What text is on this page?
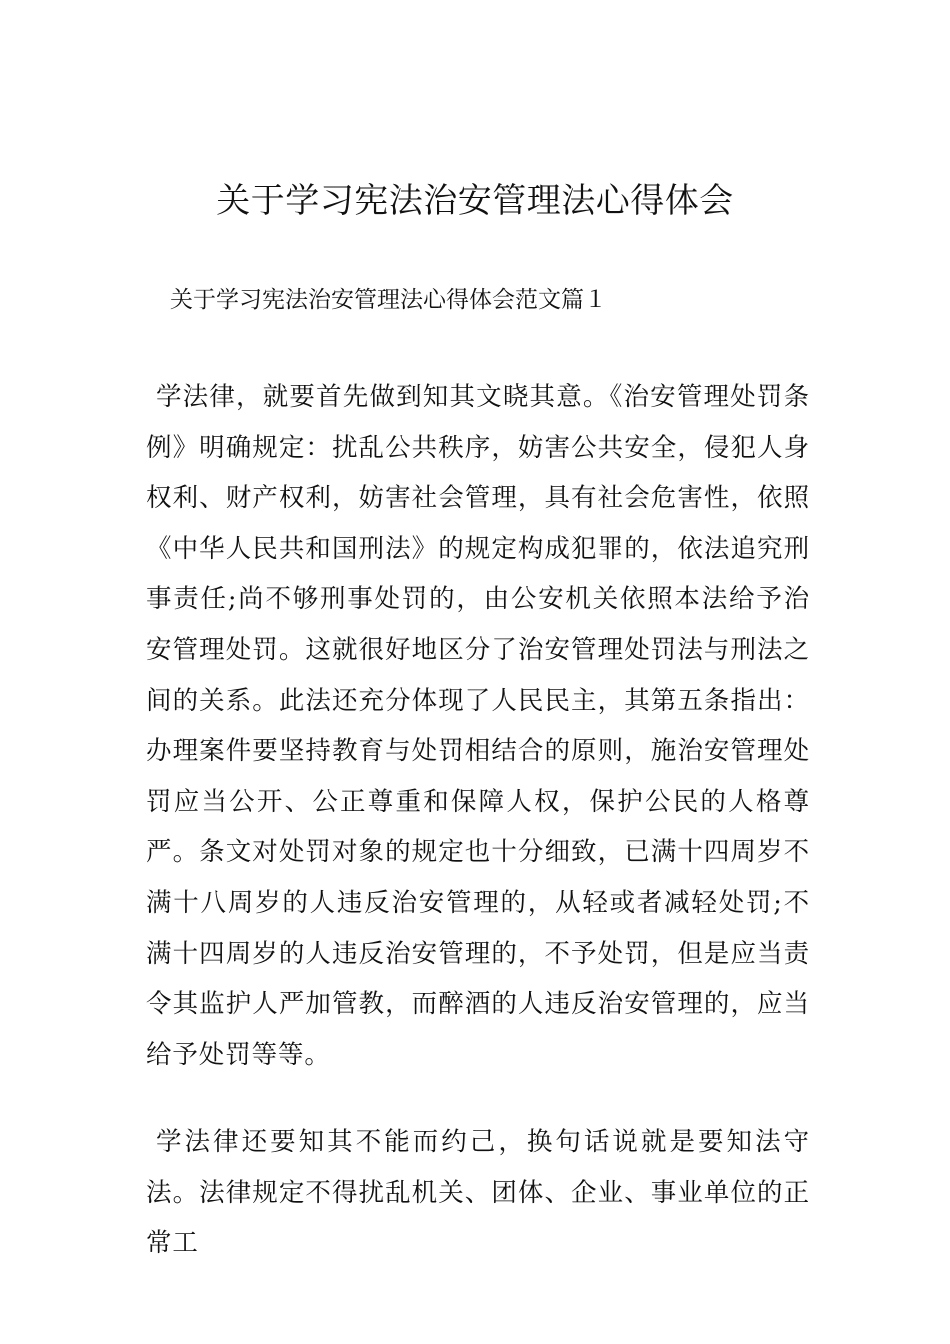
关于学习宪法治安管理法心得体会

关于学习宪法治安管理法心得体会范文篇１

学法律，就要首先做到知其文晓其意。《治安管理处罚条例》明确规定：扰乱公共秩序，妨害公共安全，侵犯人身权利、财产权利，妨害社会管理，具有社会危害性，依照《中华人民共和国刑法》的规定构成犯罪的，依法追究刑事责任;尚不够刑事处罚的，由公安机关依照本法给予治安管理处罚。这就很好地区分了治安管理处罚法与刑法之间的关系。此法还充分体现了人民民主，其第五条指出：办理案件要坚持教育与处罚相结合的原则，施治安管理处罚应当公开、公正尊重和保障人权，保护公民的人格尊严。条文对处罚对象的规定也十分细致，已满十四周岁不满十八周岁的人违反治安管理的，从轻或者减轻处罚;不满十四周岁的人违反治安管理的，不予处罚，但是应当责令其监护人严加管教，而醉酒的人违反治安管理的，应当给予处罚等等。

学法律还要知其不能而约己，换句话说就是要知法守法。法律规定不得扰乱机关、团体、企业、事业单位的正常工
